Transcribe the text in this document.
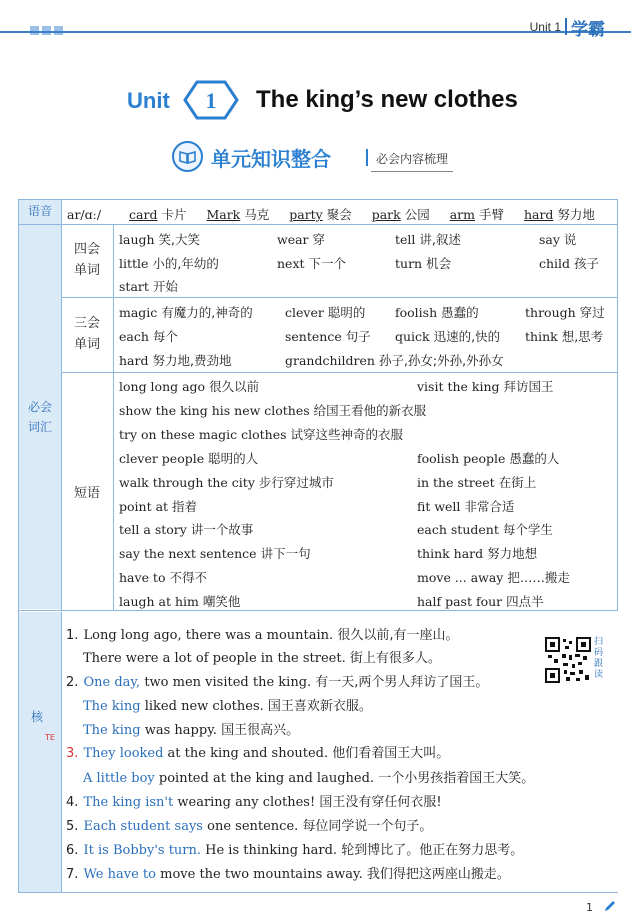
Unit 1 学霸
Unit 1 The king’s new clothes
单元知识整合	必会内容梳理
语音
必会
词汇
四会
单词
三会
单词
短语
ar/ɑː/ card 卡片 Mark 马克 party 聚会 park 公园 arm 手臂 hard 努力地
laugh 笑,大笑	wear 穿	tell 讲,叙述	say 说
little 小的,年幼的	next 下一个	turn 机会	child 孩子
start 开始
magic 有魔力的,神奇的	clever 聪明的 foolish 愚蠢的	through 穿过
each 每个	sentence 句子 quick 迅速的,快的 think 想,思考
hard 努力地,费劲地	grandchildren 孙子,孙女;外孙,外孙女
long long ago 很久以前	visit the king 拜访国王
show the king his new clothes 给国王看他的新衣服
try on these magic clothes 试穿这些神奇的衣服
clever people 聪明的人	foolish people 愚蠢的人
walk through the city 步行穿过城市	in the street 在街上
point at 指着	fit well 非常合适
tell a story 讲一个故事	each student 每个学生
say the next sentence 讲下一句	think hard 努力地想
have to 不得不	move ... away 把……搬走
laugh at him 嘲笑他	half past four 四点半
核
TE
扫码跟读
1. Long long ago, there was a mountain. 很久以前,有一座山。
There were a lot of people in the street. 街上有很多人。
2. One day, two men visited the king. 有一天,两个男人拜访了国王。
The king liked new clothes. 国王喜欢新衣服。
The king was happy. 国王很高兴。
3. They looked at the king and shouted. 他们看着国王大叫。
A little boy pointed at the king and laughed. 一个小男孩指着国王大笑。
4. The king isn't wearing any clothes! 国王没有穿任何衣服!
5. Each student says one sentence. 每位同学说一个句子。
6. It is Bobby's turn. He is thinking hard. 轮到博比了。他正在努力思考。
7. We have to move the two mountains away. 我们得把这两座山搬走。
1
